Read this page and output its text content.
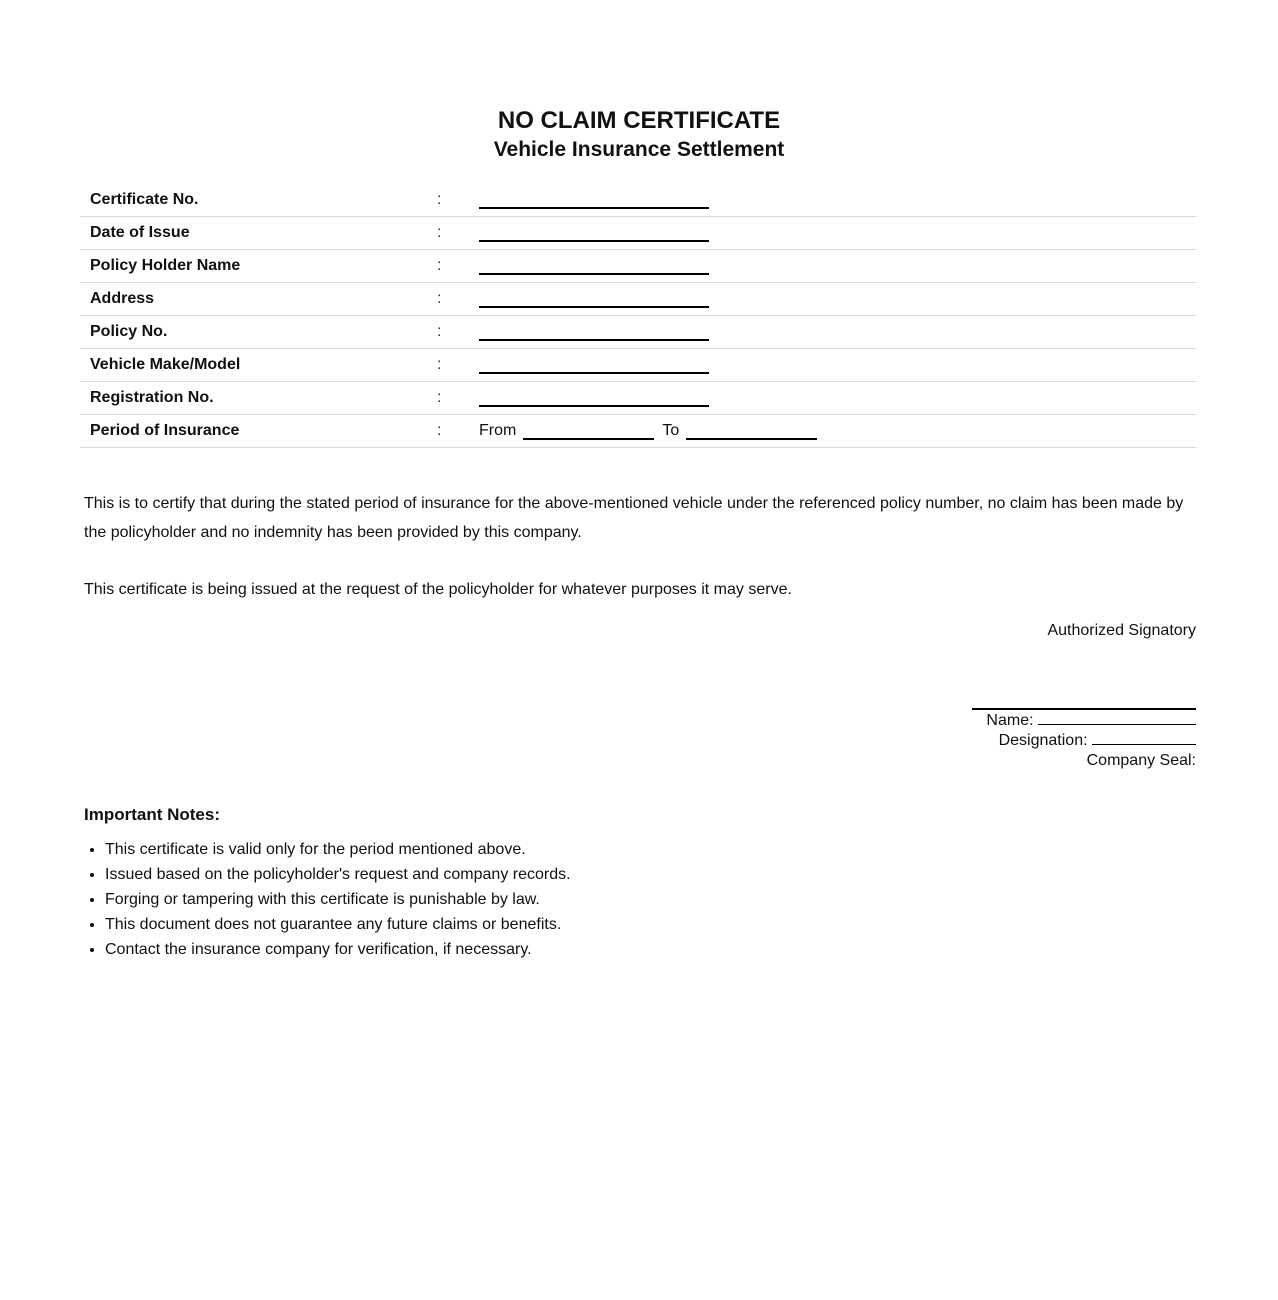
NO CLAIM CERTIFICATE
Vehicle Insurance Settlement
Certificate No.	:
Date of Issue	:
Policy Holder Name	:
Address	:
Policy No.	:
Vehicle Make/Model	:
Registration No.	:
Period of Insurance	:	From	To

This is to certify that during the stated period of insurance for the above-mentioned vehicle under the referenced policy number, no claim has been made by the policyholder and no indemnity has been provided by this company.

This certificate is being issued at the request of the policyholder for whatever purposes it may serve.

Authorized Signatory
Name:
Designation:
Company Seal:
Important Notes:
• This certificate is valid only for the period mentioned above.
• Issued based on the policyholder's request and company records.
• Forging or tampering with this certificate is punishable by law.
• This document does not guarantee any future claims or benefits.
• Contact the insurance company for verification, if necessary.
